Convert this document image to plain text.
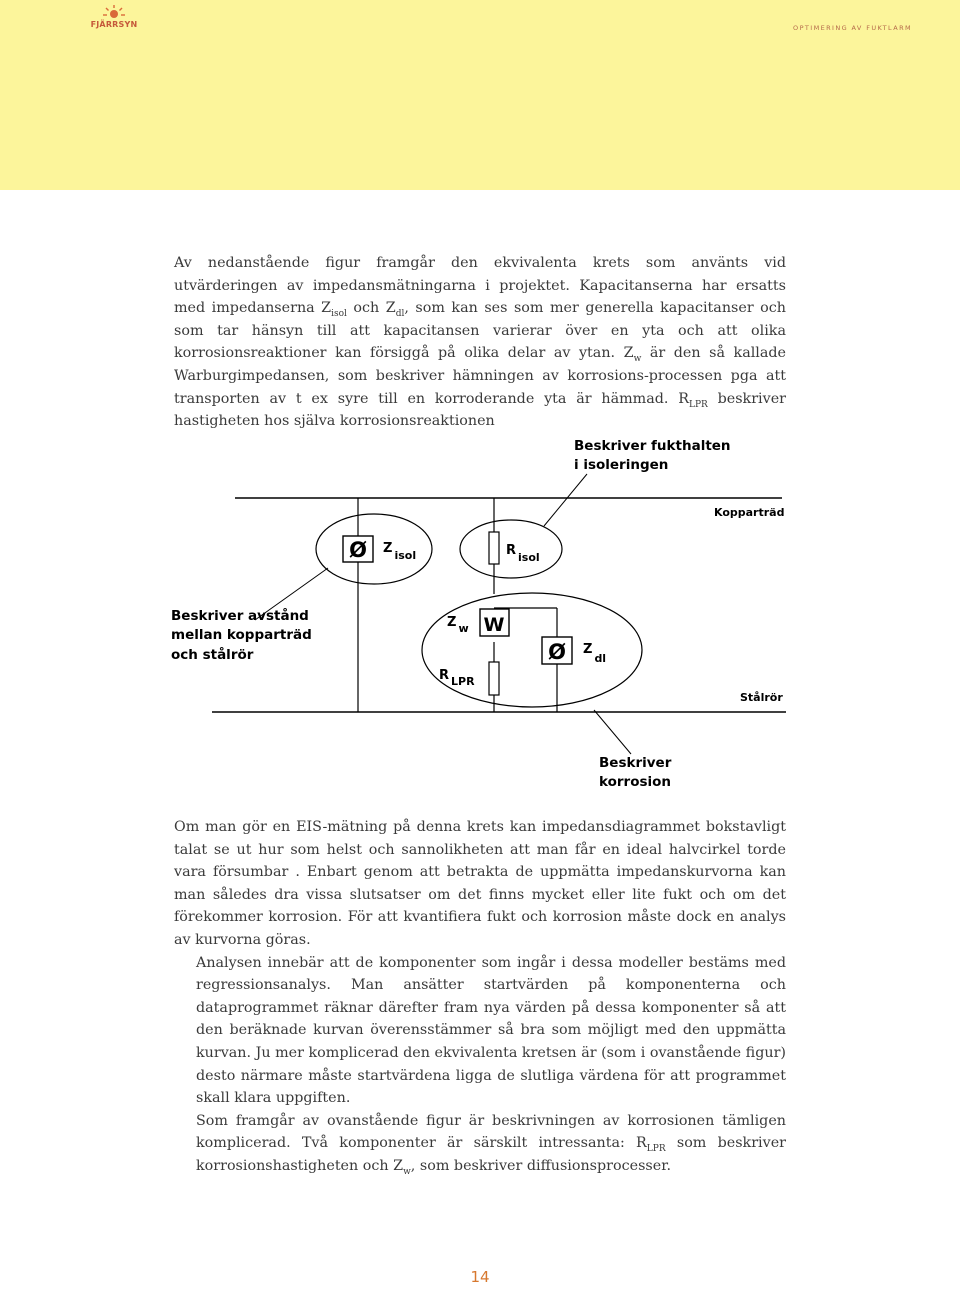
FJÄRRSYN	OPTIMERING AV FUKTLARM

Av nedanstående figur framgår den ekvivalenta krets som använts vid utvärderingen av impedansmätningarna i projektet. Kapacitanserna har ersatts med impedanserna $Z_{isol}$ och $Z_{dl}$, som kan ses som mer generella kapacitanser och som tar hänsyn till att kapacitansen varierar över en yta och att olika korrosionsreaktioner kan försiggå på olika delar av ytan. $Z_w$ är den så kallade Warburgimpedansen, som beskriver hämningen av korrosions-processen pga att transporten av t ex syre till en korroderande yta är hämmad. $R_{LPR}$ beskriver hastigheten hos själva korrosionsreaktionen

Ø
Ø
W
Z $_{isol}$	R $_{isol}$
Z $_w$
R $_{LPR}$
$Z_{dl}$
Beskriver fukthalten
i isoleringen
Kopparträd
Stålrör
Beskriver avstånd
mellan kopparträd
och stålrör
Beskriver
korrosion
Om man gör en EIS-mätning på denna krets kan impedansdiagrammet bokstavligt talat se ut hur som helst och sannolikheten att man får en ideal halvcirkel torde vara försumbar . Enbart genom att betrakta de uppmätta impedanskurvorna kan man således dra vissa slutsatser om det finns mycket eller lite fukt och om det förekommer korrosion. För att kvantifiera fukt och korrosion måste dock en analys av kurvorna göras.
Analysen innebär att de komponenter som ingår i dessa modeller bestäms med regressionsanalys. Man ansätter startvärden på komponenterna och dataprogrammet räknar därefter fram nya värden på dessa komponenter så att den beräknade kurvan överensstämmer så bra som möjligt med den uppmätta kurvan. Ju mer komplicerad den ekvivalenta kretsen är (som i ovanstående figur) desto närmare måste startvärdena ligga de slutliga värdena för att programmet skall klara uppgiften.
Som framgår av ovanstående figur är beskrivningen av korrosionen tämligen komplicerad. Två komponenter är särskilt intressanta: $R_{LPR}$ som beskriver korrosionshastigheten och $Z_w$, som beskriver diffusionsprocesser.
14
